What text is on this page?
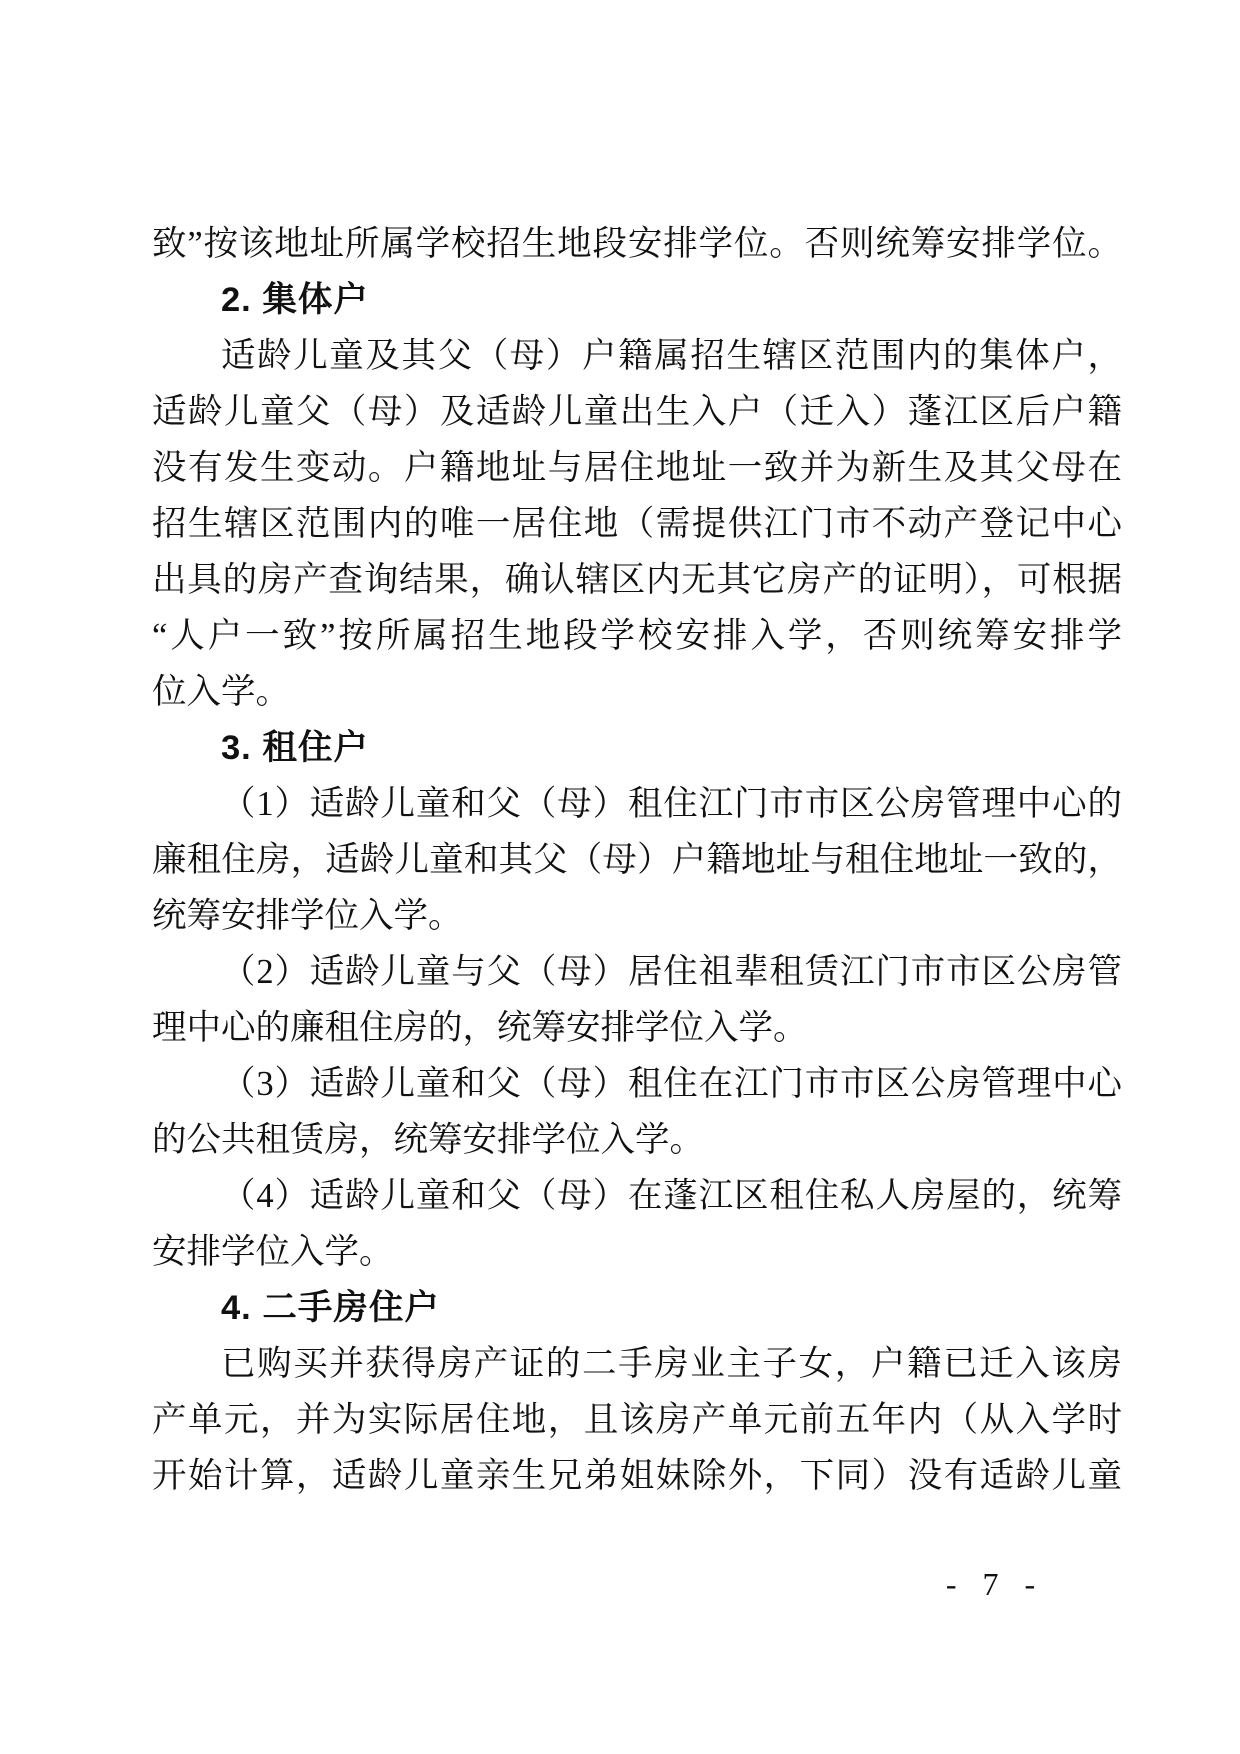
致”按该地址所属学校招生地段安排学位。否则统筹安排学位。
2. 集体户
适龄儿童及其父（母）户籍属招生辖区范围内的集体户，
适龄儿童父（母）及适龄儿童出生入户（迁入）蓬江区后户籍
没有发生变动。户籍地址与居住地址一致并为新生及其父母在
招生辖区范围内的唯一居住地（需提供江门市不动产登记中心
出具的房产查询结果，确认辖区内无其它房产的证明），可根据
“人户一致”按所属招生地段学校安排入学，否则统筹安排学
位入学。
3. 租住户
（1）适龄儿童和父（母）租住江门市市区公房管理中心的
廉租住房，适龄儿童和其父（母）户籍地址与租住地址一致的，
统筹安排学位入学。
（2）适龄儿童与父（母）居住祖辈租赁江门市市区公房管
理中心的廉租住房的，统筹安排学位入学。
（3）适龄儿童和父（母）租住在江门市市区公房管理中心
的公共租赁房，统筹安排学位入学。
（4）适龄儿童和父（母）在蓬江区租住私人房屋的，统筹
安排学位入学。
4. 二手房住户
已购买并获得房产证的二手房业主子女，户籍已迁入该房
产单元，并为实际居住地，且该房产单元前五年内（从入学时
开始计算，适龄儿童亲生兄弟姐妹除外，下同）没有适龄儿童
- 7 -
